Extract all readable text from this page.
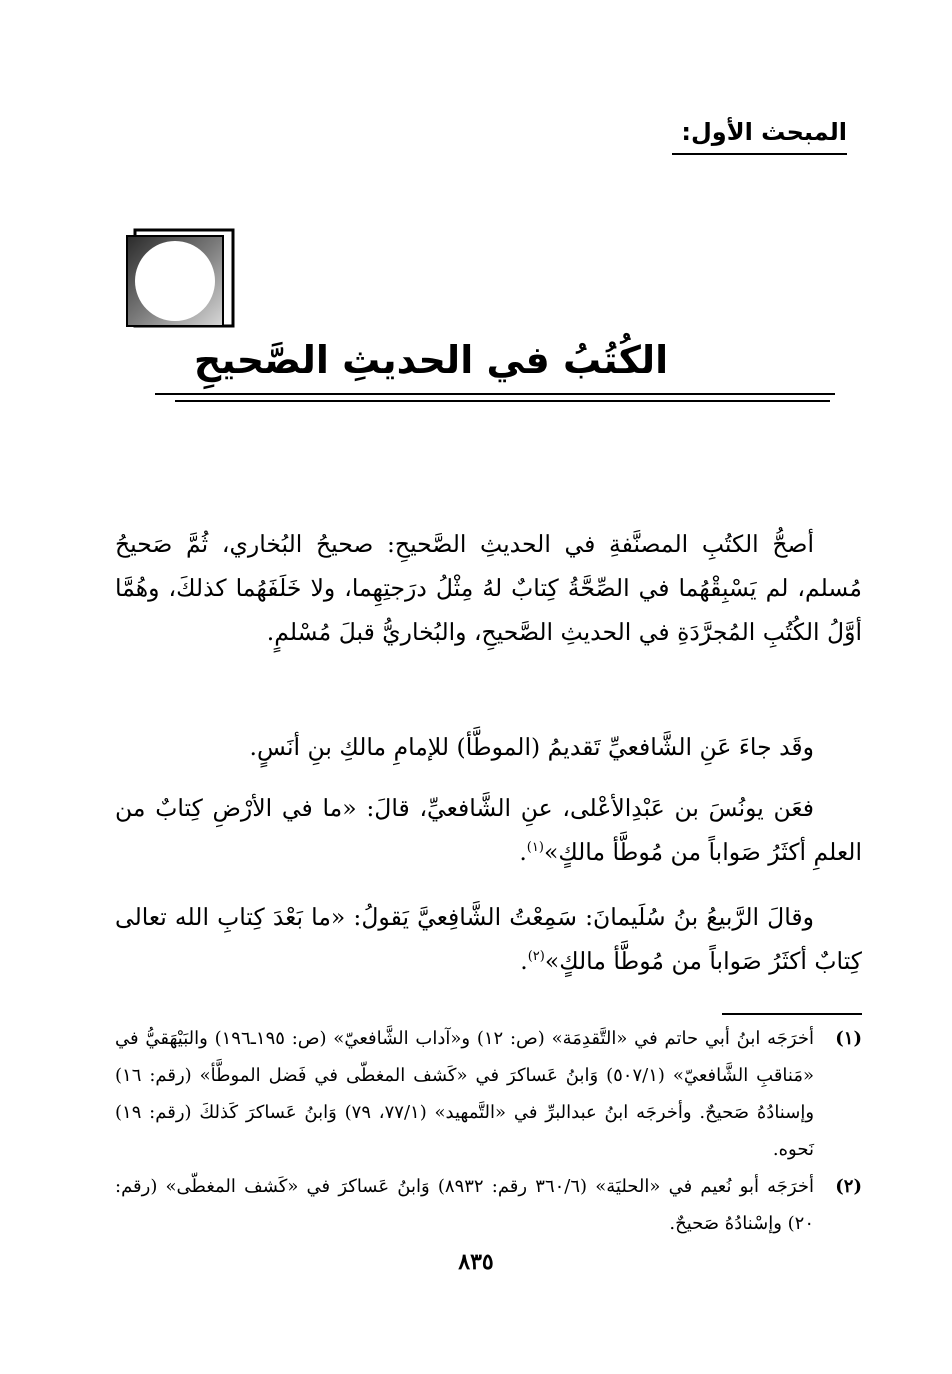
المبحث الأول:
الكُتُبُ في الحديثِ الصَّحيحِ
أصحُّ الكتُبِ المصنَّفةِ في الحديثِ الصَّحيحِ: صحيحُ البُخاري، ثُمَّ صَحيحُ مُسلم، لم يَسْبِقْهُما في الصِّحَّةُ كِتابٌ لهُ مِثْلُ درَجتِهِما، ولا خَلَفَهُما كذلكَ، وهُمَّا أوَّلُ الكُتُبِ المُجرَّدَةِ في الحديثِ الصَّحيحِ، والبُخاريُّ قبلَ مُسْلمٍ.
وقَد جاءَ عَنِ الشَّافعيِّ تَقديمُ (الموطَّأ) للإمامِ مالكِ بنِ أنَسٍ.
فعَن يونُسَ بن عَبْدِالأعْلى، عنِ الشَّافعيِّ، قالَ: «ما في الأرْضِ كِتابٌ من العلمِ أكثَرُ صَواباً من مُوطَّأ مالكٍ»$^{(١)}$.
وقالَ الرَّبيعُ بنُ سُلَيمانَ: سَمِعْتُ الشَّافِعيَّ يَقولُ: «ما بَعْدَ كِتابِ الله تعالى كِتابٌ أكثَرُ صَواباً من مُوطَّأ مالكٍ»$^{(٢)}$.
(١)
أخرَجَه ابنُ أبي حاتم في «التَّقدِمَة» (ص: ١٢) و«آداب الشَّافعيّ» (ص: ١٩٥ـ١٩٦) والبَيْهَقيُّ في «مَناقبِ الشَّافعيّ» (٥٠٧/١) وَابنُ عَساكرَ في «كَشف المغطّى في فَضل الموطَّأ» (رقم: ١٦) وإسنادُهُ صَحيحٌ. وأخرجَه ابنُ عبدالبرِّ في «التَّمهيد» (٧٧/١، ٧٩) وَابنُ عَساكرَ كَذلكَ (رقم: ١٩) نَحوه.
(٢)
أخرَجَه أبو نُعيم في «الحليَة» (٣٦٠/٦ رقم: ٨٩٣٢) وَابنُ عَساكرَ في «كَشف المغطّى» (رقم: ٢٠) وإسْنادُهُ صَحيحٌ.
٨٣٥
